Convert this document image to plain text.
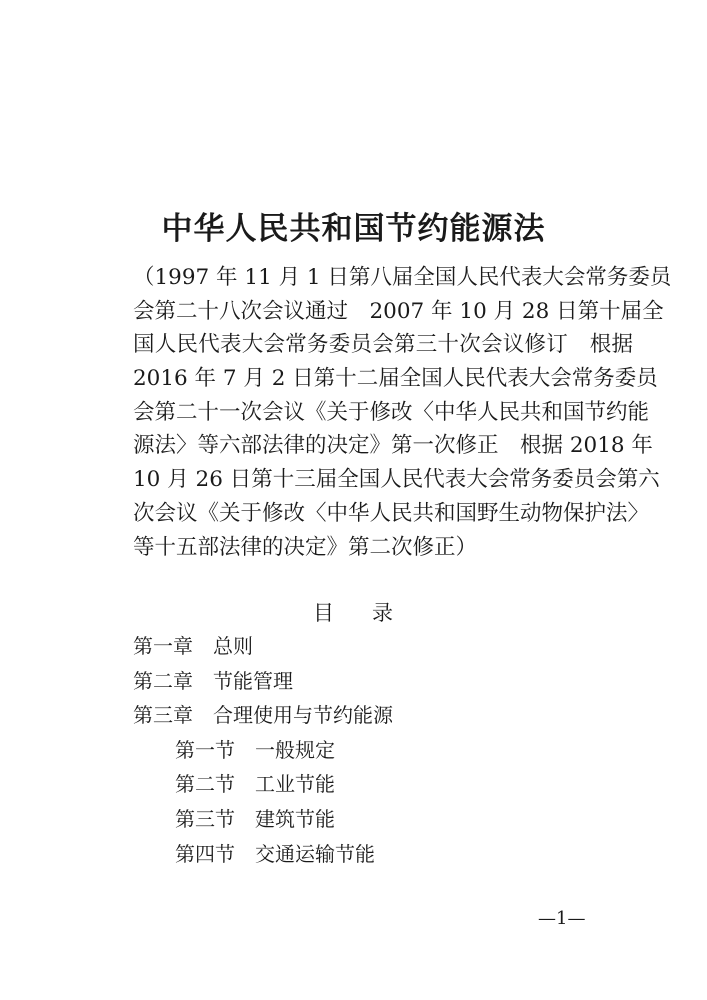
中华人民共和国节约能源法
（1997 年 11 月 1 日第八届全国人民代表大会常务委员
会第二十八次会议通过　2007 年 10 月 28 日第十届全
国人民代表大会常务委员会第三十次会议修订　根据
2016 年 7 月 2 日第十二届全国人民代表大会常务委员
会第二十一次会议《关于修改〈中华人民共和国节约能
源法〉等六部法律的决定》第一次修正　根据 2018 年
10 月 26 日第十三届全国人民代表大会常务委员会第六
次会议《关于修改〈中华人民共和国野生动物保护法〉
等十五部法律的决定》第二次修正）
目 录
第一章 总则
第二章 节能管理
第三章 合理使用与节约能源
第一节 一般规定
第二节 工业节能
第三节 建筑节能
第四节 交通运输节能
—1—
